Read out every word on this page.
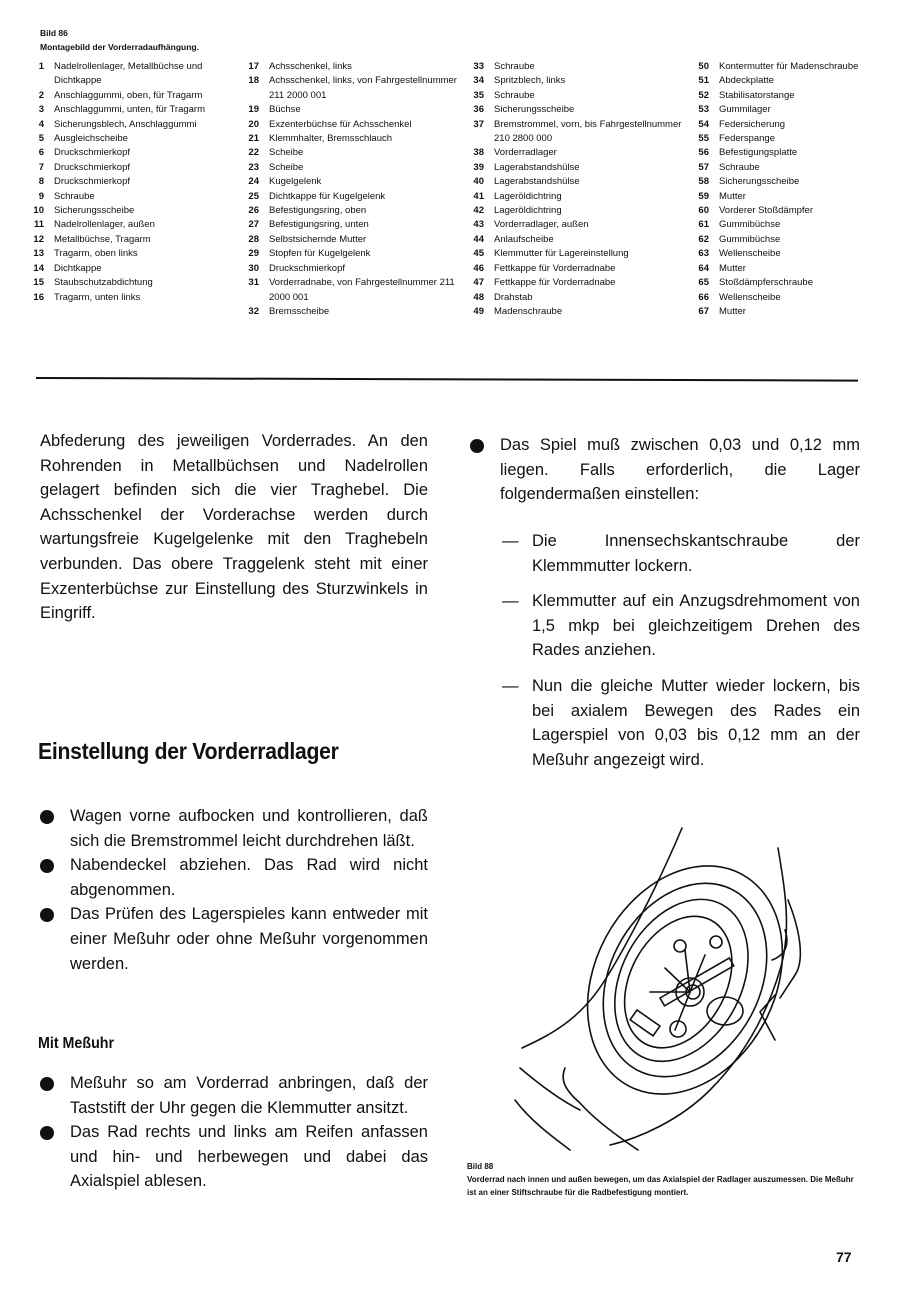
Bild 86
Montagebild der Vorderradaufhängung.
1	Nadelrollenlager, Metallbüchse und Dichtkappe
2	Anschlaggummi, oben, für Tragarm
3	Anschlaggummi, unten, für Tragarm
4	Sicherungsblech, Anschlaggummi
5	Ausgleichscheibe
6	Druckschmierkopf
7	Druckschmierkopf
8	Druckschmierkopf
9	Schraube
10	Sicherungsscheibe
11	Nadelrollenlager, außen
12	Metallbüchse, Tragarm
13	Tragarm, oben links
14	Dichtkappe
15	Staubschutzabdichtung
16	Tragarm, unten links
17	Achsschenkel, links
18	Achsschenkel, links, von Fahrgestellnummer 211 2000 001
19	Büchse
20	Exzenterbüchse für Achsschenkel
21	Klemmhalter, Bremsschlauch
22	Scheibe
23	Scheibe
24	Kugelgelenk
25	Dichtkappe für Kugelgelenk
26	Befestigungsring, oben
27	Befestigungsring, unten
28	Selbstsichernde Mutter
29	Stopfen für Kugelgelenk
30	Druckschmierkopf
31	Vorderradnabe, von Fahrgestellnummer 211 2000 001
32	Bremsscheibe
33	Schraube
34	Spritzblech, links
35	Schraube
36	Sicherungsscheibe
37	Bremstrommel, vorn, bis Fahrgestellnummer 210 2800 000
38	Vorderradlager
39	Lagerabstandshülse
40	Lagerabstandshülse
41	Lageröldichtring
42	Lageröldichtring
43	Vorderradlager, außen
44	Anlaufscheibe
45	Klemmutter für Lagereinstellung
46	Fettkappe für Vorderradnabe
47	Fettkappe für Vorderradnabe
48	Drahstab
49	Madenschraube
50	Kontermutter für Madenschraube
51	Abdeckplatte
52	Stabilisatorstange
53	Gummilager
54	Federsicherung
55	Federspange
56	Befestigungsplatte
57	Schraube
58	Sicherungsscheibe
59	Mutter
60	Vorderer Stoßdämpfer
61	Gummibüchse
62	Gummibüchse
63	Wellenscheibe
64	Mutter
65	Stoßdämpferschraube
66	Wellenscheibe
67	Mutter

Abfederung des jeweiligen Vorderrades. An den Rohrenden in Metallbüchsen und Nadelrollen gelagert befinden sich die vier Traghebel. Die Achsschenkel der Vorderachse werden durch wartungsfreie Kugelgelenke mit den Traghebeln verbunden. Das obere Traggelenk steht mit einer Exzenterbüchse zur Einstellung des Sturzwinkels in Eingriff.

Einstellung der Vorderradlager
Wagen vorne aufbocken und kontrollieren, daß sich die Bremstrommel leicht durchdrehen läßt.
Nabendeckel abziehen. Das Rad wird nicht abgenommen.
Das Prüfen des Lagerspieles kann entweder mit einer Meßuhr oder ohne Meßuhr vorgenommen werden.
Mit Meßuhr
Meßuhr so am Vorderrad anbringen, daß der Taststift der Uhr gegen die Klemmutter ansitzt.
Das Rad rechts und links am Reifen anfassen und hin- und herbewegen und dabei das Axialspiel ablesen.
Das Spiel muß zwischen 0,03 und 0,12 mm liegen. Falls erforderlich, die Lager folgendermaßen einstellen:
— Die Innensechskantschraube der Klemmmutter lockern.
— Klemmutter auf ein Anzugsdrehmoment von 1,5 mkp bei gleichzeitigem Drehen des Rades anziehen.
— Nun die gleiche Mutter wieder lockern, bis bei axialem Bewegen des Rades ein Lagerspiel von 0,03 bis 0,12 mm an der Meßuhr angezeigt wird.
Bild 88
Vorderrad nach innen und außen bewegen, um das Axialspiel der Radlager auszumessen. Die Meßuhr ist an einer Stiftschraube für die Radbefestigung montiert.
77
